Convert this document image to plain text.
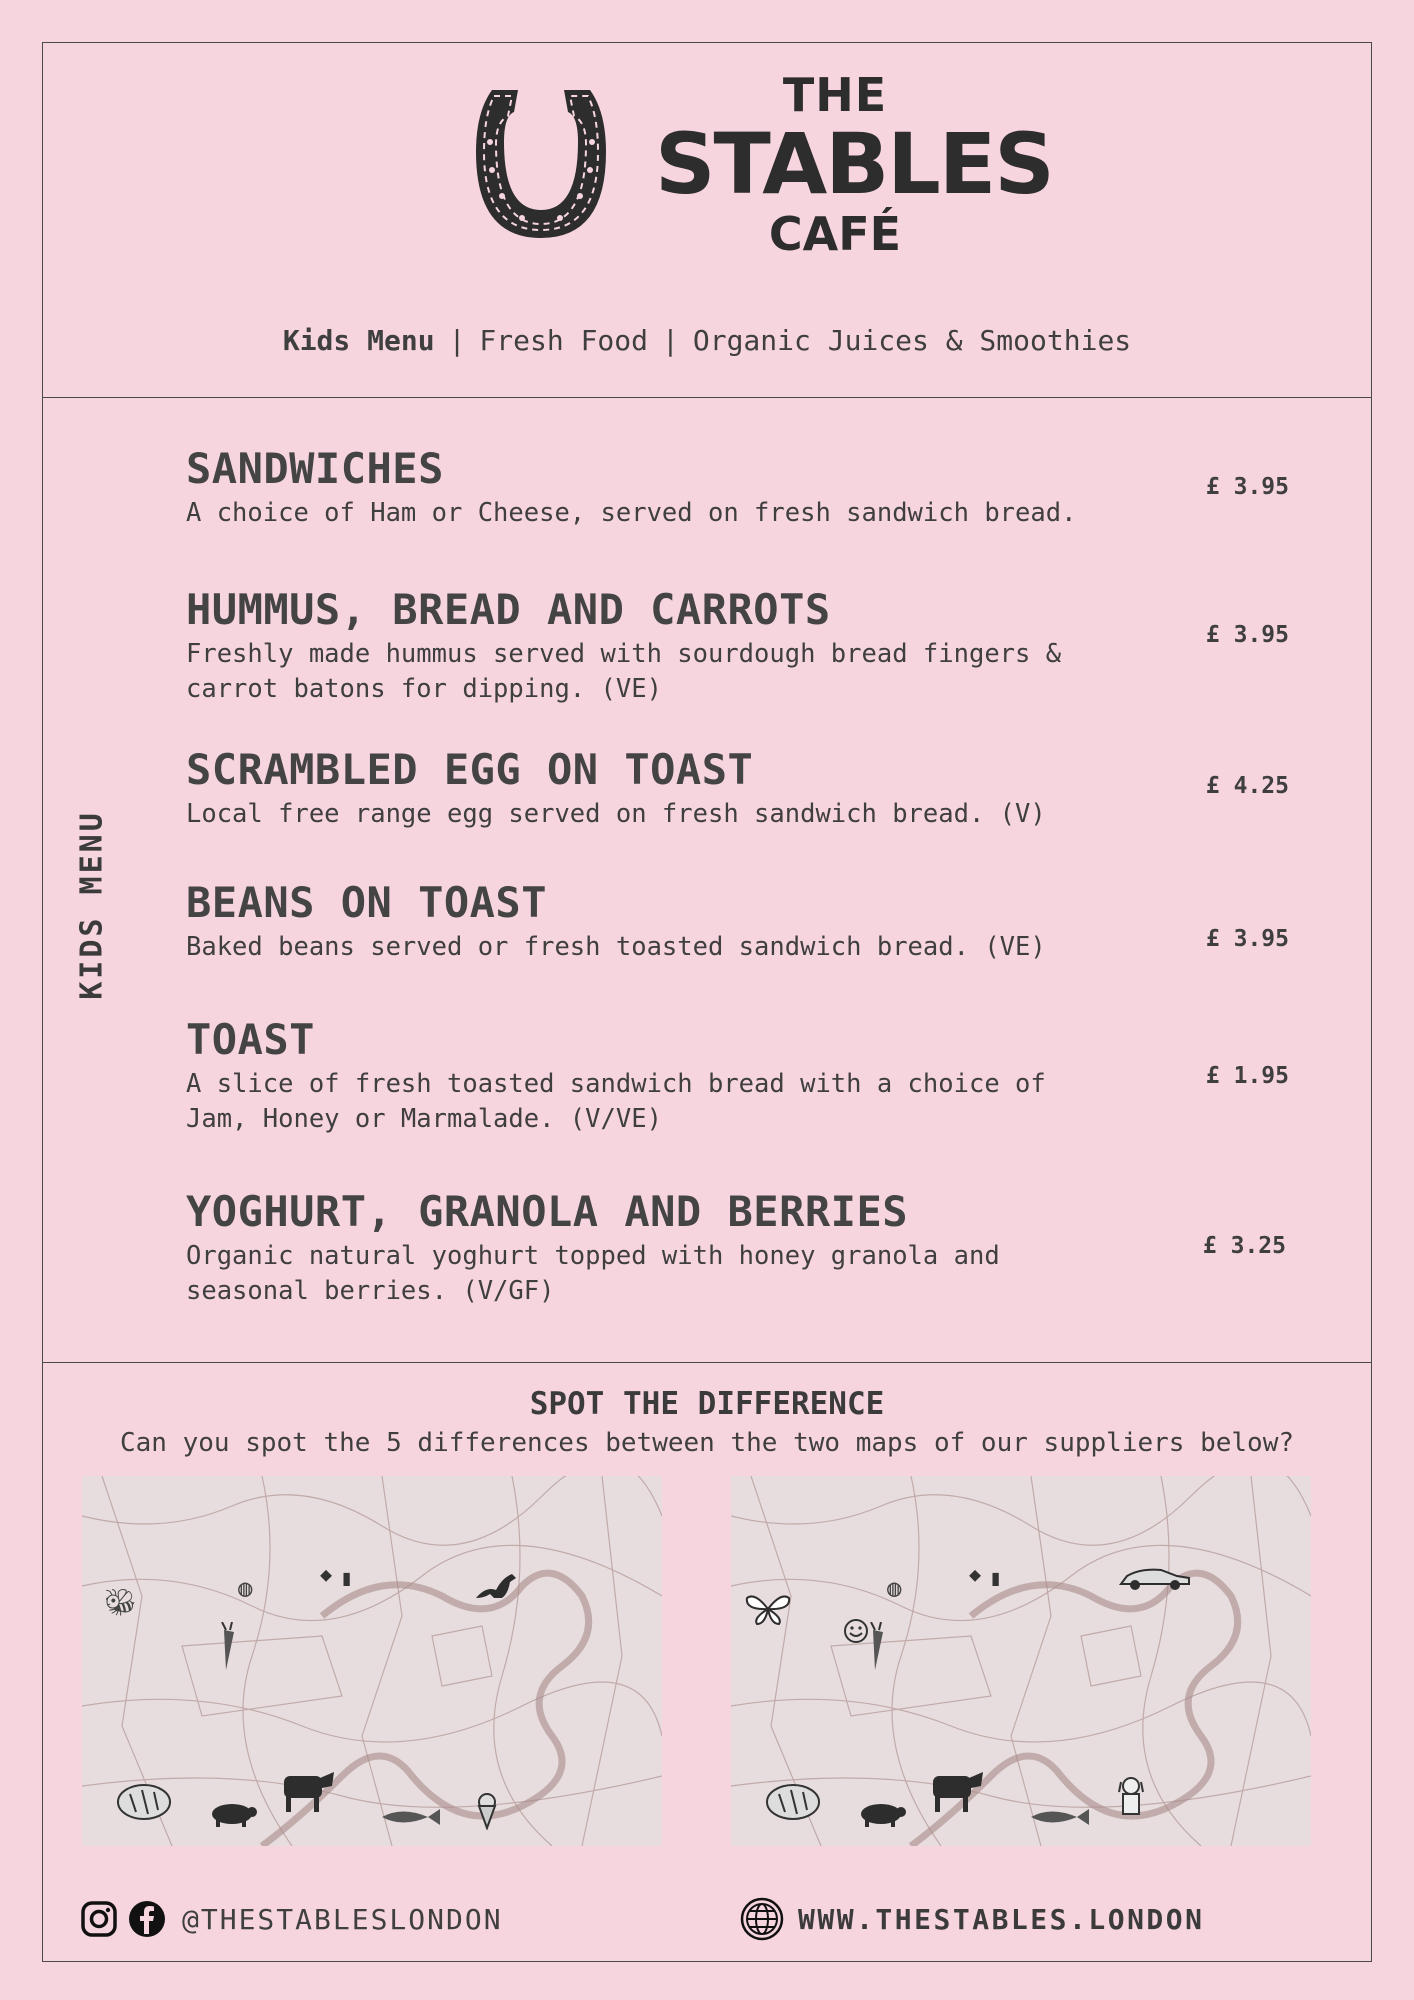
THE
STABLES
CAFÉ
Kids Menu | Fresh Food | Organic Juices & Smoothies
KIDS MENU
SANDWICHES
A choice of Ham or Cheese, served on fresh sandwich bread.
£ 3.95
HUMMUS, BREAD AND CARROTS
Freshly made hummus served with sourdough bread fingers & carrot batons for dipping. (VE)
£ 3.95
SCRAMBLED EGG ON TOAST
Local free range egg served on fresh sandwich bread. (V)
£ 4.25
BEANS ON TOAST
Baked beans served or fresh toasted sandwich bread. (VE)	£ 3.95
TOAST
A slice of fresh toasted sandwich bread with a choice of Jam, Honey or Marmalade. (V/VE)
£ 1.95
YOGHURT, GRANOLA AND BERRIES
Organic natural yoghurt topped with honey granola and seasonal berries. (V/GF)
£ 3.25
SPOT THE DIFFERENCE
Can you spot the 5 differences between the two maps of our suppliers below?
🐝︎
▮
◆
◍	▮
◆
◍
@THESTABLESLONDON	WWW.THESTABLES.LONDON
